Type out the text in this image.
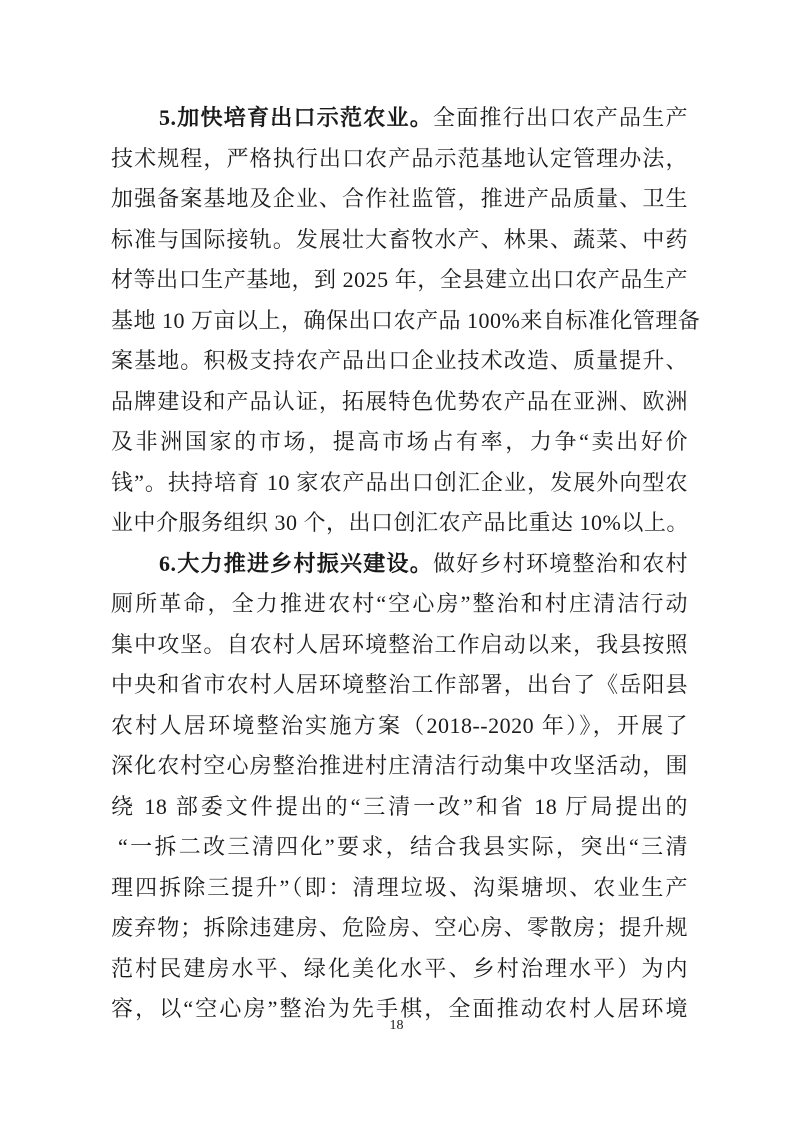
5.加快培育出口示范农业。全面推行出口农产品生产
技术规程，严格执行出口农产品示范基地认定管理办法，
加强备案基地及企业、合作社监管，推进产品质量、卫生
标准与国际接轨。发展壮大畜牧水产、林果、蔬菜、中药
材等出口生产基地，到 2025 年，全县建立出口农产品生产
基地 10 万亩以上，确保出口农产品 100%来自标准化管理备
案基地。积极支持农产品出口企业技术改造、质量提升、
品牌建设和产品认证，拓展特色优势农产品在亚洲、欧洲
及非洲国家的市场，提高市场占有率，力争“卖出好价
钱”。扶持培育 10 家农产品出口创汇企业，发展外向型农
业中介服务组织 30 个，出口创汇农产品比重达 10%以上。
6.大力推进乡村振兴建设。做好乡村环境整治和农村
厕所革命，全力推进农村“空心房”整治和村庄清洁行动
集中攻坚。自农村人居环境整治工作启动以来，我县按照
中央和省市农村人居环境整治工作部署，出台了《岳阳县
农村人居环境整治实施方案（2018--2020 年）》，开展了
深化农村空心房整治推进村庄清洁行动集中攻坚活动，围
绕 18 部委文件提出的“三清一改”和省 18 厅局提出的
“一拆二改三清四化”要求，结合我县实际，突出“三清
理四拆除三提升”（即：清理垃圾、沟渠塘坝、农业生产
废弃物；拆除违建房、危险房、空心房、零散房；提升规
范村民建房水平、绿化美化水平、乡村治理水平）为内
容，以“空心房”整治为先手棋，全面推动农村人居环境
18
